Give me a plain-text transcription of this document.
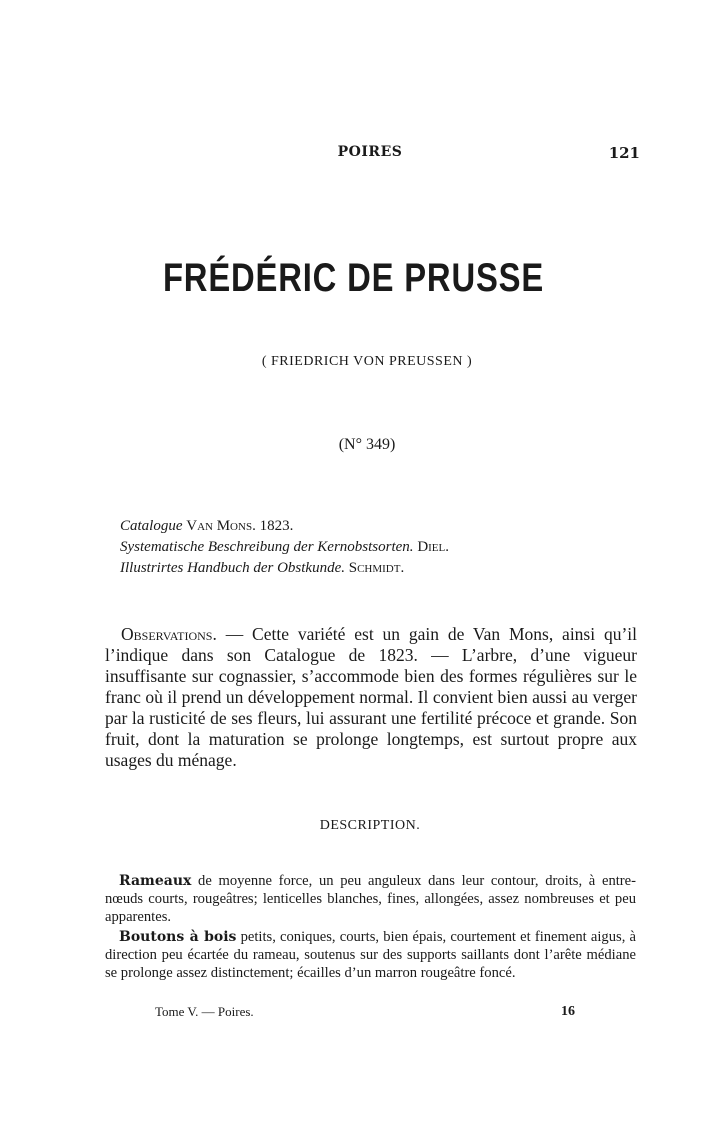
POIRES	121
FRÉDÉRIC DE PRUSSE
( FRIEDRICH VON PREUSSEN )
(N° 349)
Catalogue Van Mons. 1823.
Systematische Beschreibung der Kernobstsorten. Diel.
Illustrirtes Handbuch der Obstkunde. Schmidt.
Observations. — Cette variété est un gain de Van Mons, ainsi qu’il l’indique dans son Catalogue de 1823. — L’arbre, d’une vigueur insuffisante sur cognassier, s’accommode bien des formes régulières sur le franc où il prend un développement normal. Il convient bien aussi au verger par la rusticité de ses fleurs, lui assurant une fertilité précoce et grande. Son fruit, dont la maturation se prolonge longtemps, est surtout propre aux usages du ménage.
DESCRIPTION.

Rameaux de moyenne force, un peu anguleux dans leur contour, droits, à entre-nœuds courts, rougeâtres; lenticelles blanches, fines, allongées, assez nombreuses et peu apparentes.

Boutons à bois petits, coniques, courts, bien épais, courtement et finement aigus, à direction peu écartée du rameau, soutenus sur des supports saillants dont l’arête médiane se prolonge assez distinctement; écailles d’un marron rougeâtre foncé.

Tome V. — Poires.	16
